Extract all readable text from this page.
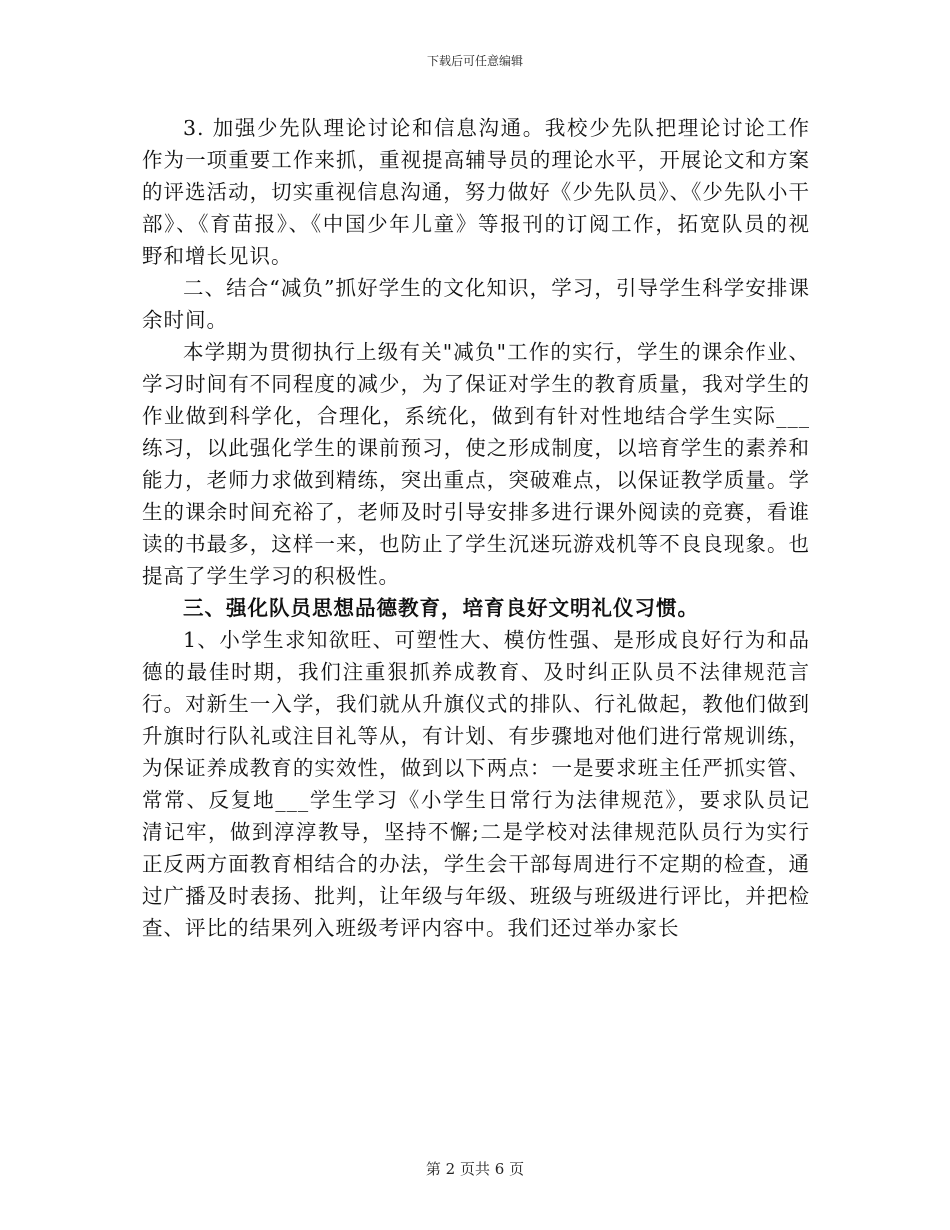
下载后可任意编辑

3. 加强少先队理论讨论和信息沟通。我校少先队把理论讨论工作作为一项重要工作来抓，重视提高辅导员的理论水平，开展论文和方案的评选活动，切实重视信息沟通，努力做好《少先队员》、《少先队小干部》、《育苗报》、《中国少年儿童》等报刊的订阅工作，拓宽队员的视野和增长见识。

二、结合“减负”抓好学生的文化知识，学习，引导学生科学安排课余时间。

本学期为贯彻执行上级有关"减负"工作的实行，学生的课余作业、学习时间有不同程度的减少，为了保证对学生的教育质量，我对学生的作业做到科学化，合理化，系统化，做到有针对性地结合学生实际___练习，以此强化学生的课前预习，使之形成制度，以培育学生的素养和能力，老师力求做到精练，突出重点，突破难点，以保证教学质量。学生的课余时间充裕了，老师及时引导安排多进行课外阅读的竞赛，看谁读的书最多，这样一来，也防止了学生沉迷玩游戏机等不良良现象。也提高了学生学习的积极性。

三、强化队员思想品德教育，培育良好文明礼仪习惯。

1、小学生求知欲旺、可塑性大、模仿性强、是形成良好行为和品德的最佳时期，我们注重狠抓养成教育、及时纠正队员不法律规范言行。对新生一入学，我们就从升旗仪式的排队、行礼做起，教他们做到升旗时行队礼或注目礼等从，有计划、有步骤地对他们进行常规训练，为保证养成教育的实效性，做到以下两点：一是要求班主任严抓实管、常常、反复地___学生学习《小学生日常行为法律规范》，要求队员记清记牢，做到淳淳教导，坚持不懈;二是学校对法律规范队员行为实行正反两方面教育相结合的办法，学生会干部每周进行不定期的检查，通过广播及时表扬、批判，让年级与年级、班级与班级进行评比，并把检查、评比的结果列入班级考评内容中。我们还过举办家长

第 2 页共 6 页
